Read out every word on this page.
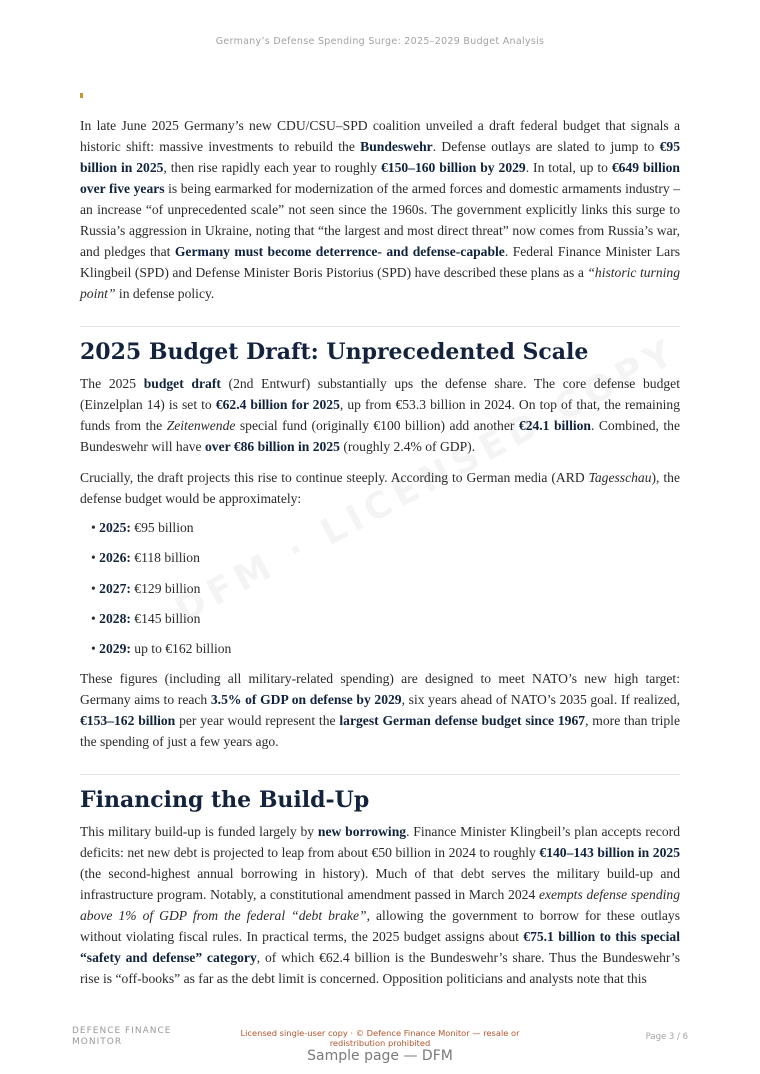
Germany’s Defense Spending Surge: 2025–2029 Budget Analysis

In late June 2025 Germany’s new CDU/CSU–SPD coalition unveiled a draft federal budget that signals a historic shift: massive investments to rebuild the Bundeswehr. Defense outlays are slated to jump to €95 billion in 2025, then rise rapidly each year to roughly €150–160 billion by 2029. In total, up to €649 billion over five years is being earmarked for modernization of the armed forces and domestic armaments industry – an increase “of unprecedented scale” not seen since the 1960s. The government explicitly links this surge to Russia’s aggression in Ukraine, noting that “the largest and most direct threat” now comes from Russia’s war, and pledges that Germany must become deterrence- and defense-capable. Federal Finance Minister Lars Klingbeil (SPD) and Defense Minister Boris Pistorius (SPD) have described these plans as a “historic turning point” in defense policy.

2025 Budget Draft: Unprecedented Scale

The 2025 budget draft (2nd Entwurf) substantially ups the defense share. The core defense budget (Einzelplan 14) is set to €62.4 billion for 2025, up from €53.3 billion in 2024. On top of that, the remaining funds from the Zeitenwende special fund (originally €100 billion) add another €24.1 billion. Combined, the Bundeswehr will have over €86 billion in 2025 (roughly 2.4% of GDP).

Crucially, the draft projects this rise to continue steeply. According to German media (ARD Tagesschau), the defense budget would be approximately:

• 2025: €95 billion
• 2026: €118 billion
• 2027: €129 billion
• 2028: €145 billion
• 2029: up to €162 billion

These figures (including all military-related spending) are designed to meet NATO’s new high target: Germany aims to reach 3.5% of GDP on defense by 2029, six years ahead of NATO’s 2035 goal. If realized, €153–162 billion per year would represent the largest German defense budget since 1967, more than triple the spending of just a few years ago.

Financing the Build-Up

This military build-up is funded largely by new borrowing. Finance Minister Klingbeil’s plan accepts record deficits: net new debt is projected to leap from about €50 billion in 2024 to roughly €140–143 billion in 2025 (the second-highest annual borrowing in history). Much of that debt serves the military build-up and infrastructure program. Notably, a constitutional amendment passed in March 2024 exempts defense spending above 1% of GDP from the federal “debt brake”, allowing the government to borrow for these outlays without violating fiscal rules. In practical terms, the 2025 budget assigns about €75.1 billion to this special “safety and defense” category, of which €62.4 billion is the Bundeswehr’s share. Thus the Bundeswehr’s rise is “off-books” as far as the debt limit is concerned. Opposition politicians and analysts note that this

DEFENCE FINANCE
MONITOR
Licensed single-user copy · © Defence Finance Monitor — resale or redistribution prohibited
Page 3 / 6
Sample page — DFM
